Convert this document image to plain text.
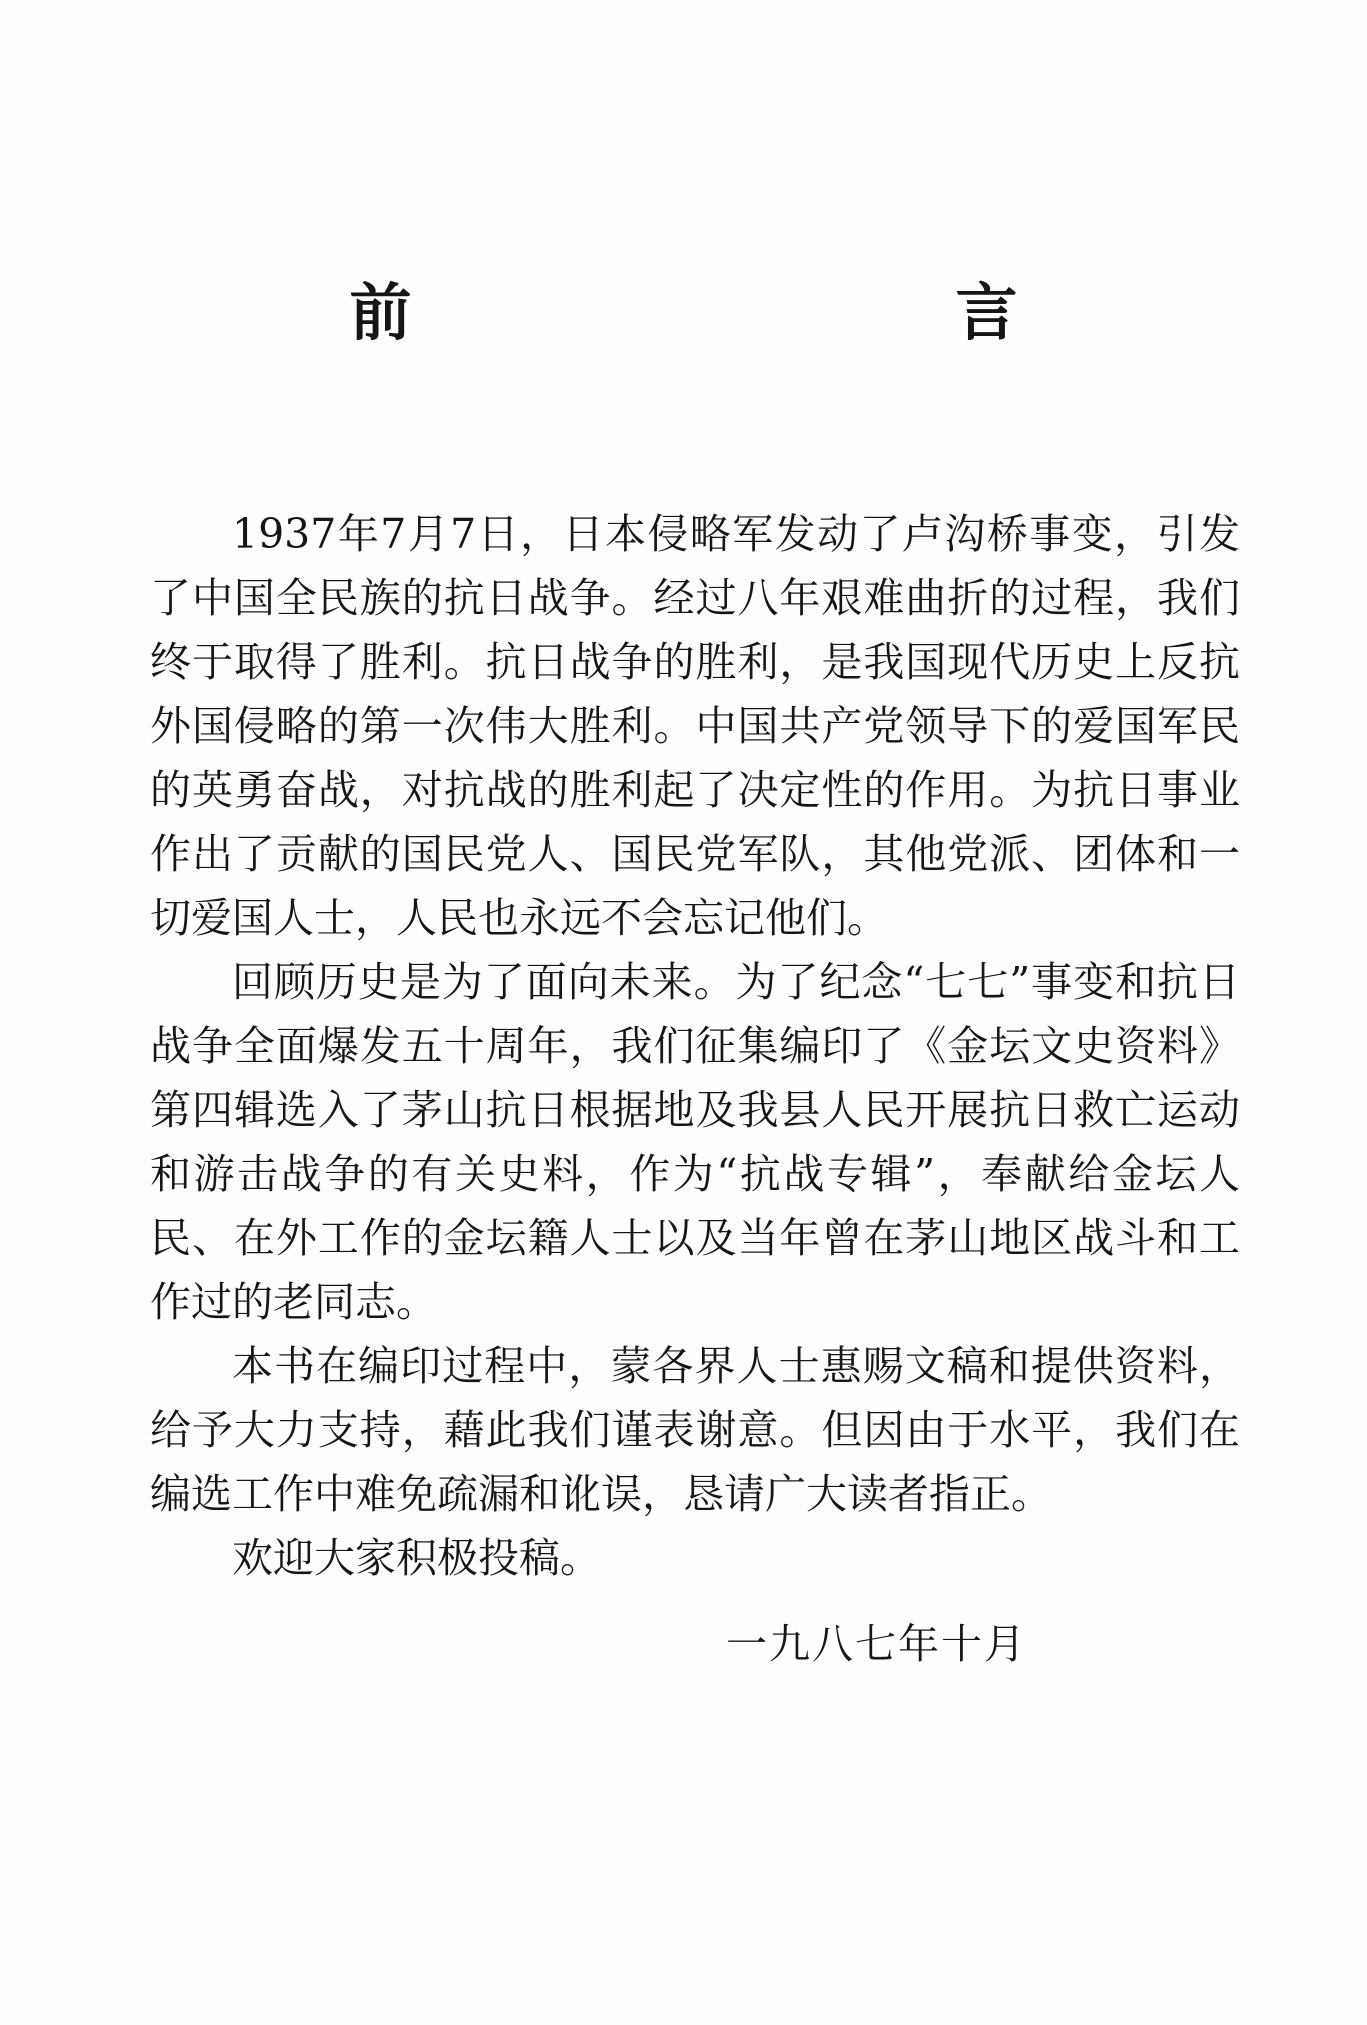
前　　言

1937年7月7日，日本侵略军发动了卢沟桥事变，引发了中国全民族的抗日战争。经过八年艰难曲折的过程，我们终于取得了胜利。抗日战争的胜利，是我国现代历史上反抗外国侵略的第一次伟大胜利。中国共产党领导下的爱国军民的英勇奋战，对抗战的胜利起了决定性的作用。为抗日事业作出了贡献的国民党人、国民党军队，其他党派、团体和一切爱国人士，人民也永远不会忘记他们。

回顾历史是为了面向未来。为了纪念“七七”事变和抗日战争全面爆发五十周年，我们征集编印了《金坛文史资料》第四辑选入了茅山抗日根据地及我县人民开展抗日救亡运动和游击战争的有关史料，作为“抗战专辑”，奉献给金坛人民、在外工作的金坛籍人士以及当年曾在茅山地区战斗和工作过的老同志。

本书在编印过程中，蒙各界人士惠赐文稿和提供资料，给予大力支持，藉此我们谨表谢意。但因由于水平，我们在编选工作中难免疏漏和讹误，恳请广大读者指正。

欢迎大家积极投稿。

一九八七年十月
